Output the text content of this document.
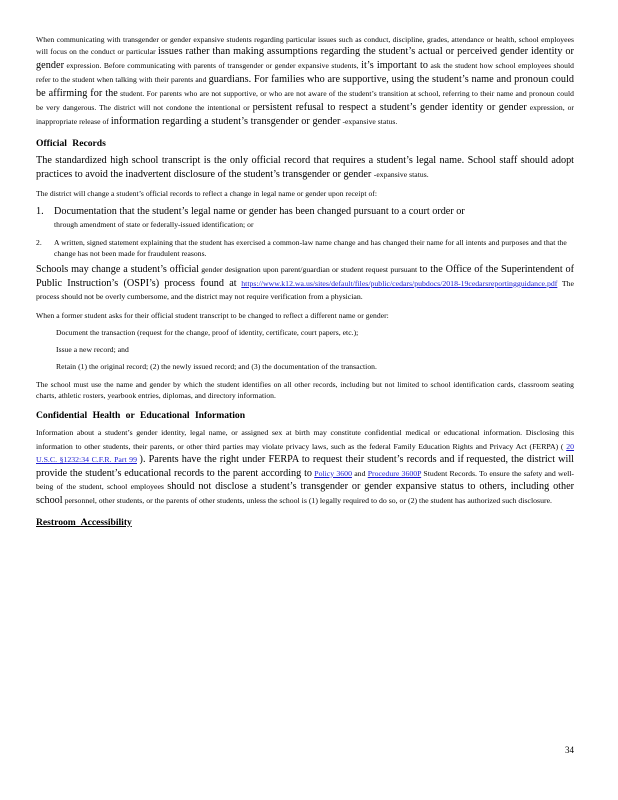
When communicating with transgender or gender expansive students regarding particular issues such as conduct, discipline, grades, attendance or health, school employees will focus on the conduct or particular issues rather than making assumptions regarding the student’s actual or perceived gender identity or gender expression. Before communicating with parents of transgender or gender expansive students, it’s important to ask the student how school employees should refer to the student when talking with their parents and guardians. For families who are supportive, using the student’s name and pronoun could be affirming for the student. For parents who are not supportive, or who are not aware of the student’s transition at school, referring to their name and pronoun could be very dangerous. The district will not condone the intentional or persistent refusal to respect a student’s gender identity or gender expression, or inappropriate release of information regarding a student’s transgender or gender -expansive status.

Official Records

The standardized high school transcript is the only official record that requires a student’s legal name. School staff should adopt practices to avoid the inadvertent disclosure of the student’s transgender or gender -expansive status.

The district will change a student’s official records to reflect a change in legal name or gender upon receipt of:

1.	Documentation that the student’s legal name or gender has been changed pursuant to a court order or
through amendment of state or federally-issued identification; or
2.	A written, signed statement explaining that the student has exercised a common-law name change and has changed their name for all intents and purposes and that the change has not been made for fraudulent reasons.

Schools may change a student’s official gender designation upon parent/guardian or student request pursuant to the Office of the Superintendent of Public Instruction’s (OSPI’s) process found at https://www.k12.wa.us/sites/default/files/public/cedars/pubdocs/2018-19cedarsreportingguidance.pdf The process should not be overly cumbersome, and the district may not require verification from a physician.

When a former student asks for their official student transcript to be changed to reflect a different name or gender:

Document the transaction (request for the change, proof of identity, certificate, court papers, etc.);
Issue a new record; and
Retain (1) the original record; (2) the newly issued record; and (3) the documentation of the transaction.

The school must use the name and gender by which the student identifies on all other records, including but not limited to school identification cards, classroom seating charts, athletic rosters, yearbook entries, diplomas, and directory information.

Confidential Health or Educational Information

Information about a student’s gender identity, legal name, or assigned sex at birth may constitute confidential medical or educational information. Disclosing this information to other students, their parents, or other third parties may violate privacy laws, such as the federal Family Education Rights and Privacy Act (FERPA) ( 20 U.S.C. §1232:34 C.F.R. Part 99 ). Parents have the right under FERPA to request their student’s records and if requested, the district will provide the student’s educational records to the parent according to Policy 3600 and Procedure 3600P Student Records. To ensure the safety and well-being of the student, school employees should not disclose a student’s transgender or gender expansive status to others, including other school personnel, other students, or the parents of other students, unless the school is (1) legally required to do so, or (2) the student has authorized such disclosure.

Restroom Accessibility
34
